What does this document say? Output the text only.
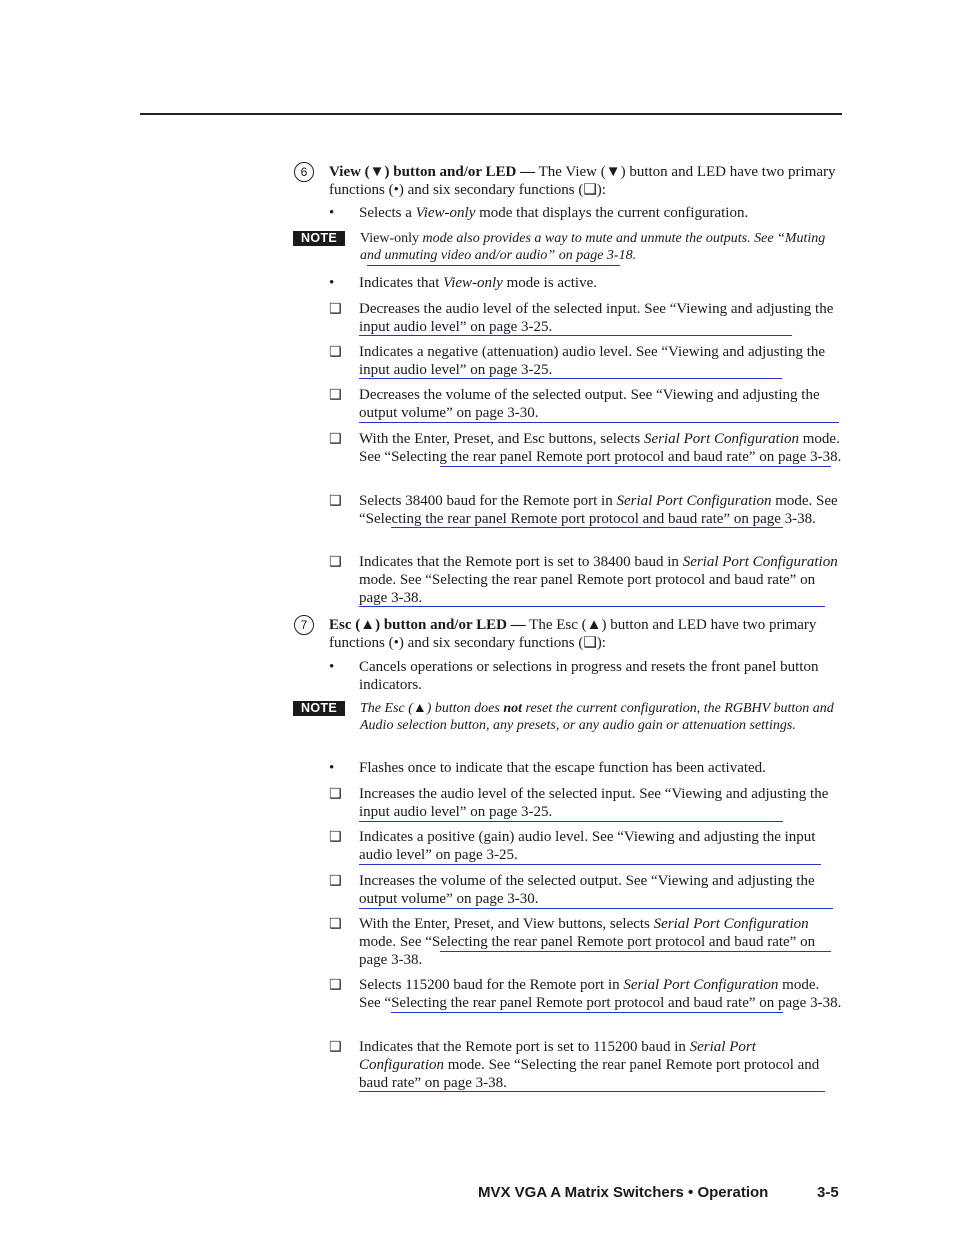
6	View (▼) button and/or LED — The View (▼) button and LED have two primary functions (•) and six secondary functions (❑):
• Selects a View-only mode that displays the current configuration.
NOTE	View-only mode also provides a way to mute and unmute the outputs. See “Muting and unmuting video and/or audio” on page 3-18.
• Indicates that View-only mode is active.
❑ Decreases the audio level of the selected input. See “Viewing and adjusting the input audio level” on page 3-25.
❑ Indicates a negative (attenuation) audio level. See “Viewing and adjusting the input audio level” on page 3-25.
❑ Decreases the volume of the selected output. See “Viewing and adjusting the output volume” on page 3-30.
❑ With the Enter, Preset, and Esc buttons, selects Serial Port Configuration mode. See “Selecting the rear panel Remote port protocol and baud rate” on page 3-38.
❑ Selects 38400 baud for the Remote port in Serial Port Configuration mode. See “Selecting the rear panel Remote port protocol and baud rate” on page 3-38.
❑ Indicates that the Remote port is set to 38400 baud in Serial Port Configuration mode. See “Selecting the rear panel Remote port protocol and baud rate” on page 3-38.
7	Esc (▲) button and/or LED — The Esc (▲) button and LED have two primary functions (•) and six secondary functions (❑):
• Cancels operations or selections in progress and resets the front panel button indicators.
NOTE	The Esc (▲) button does not reset the current configuration, the RGBHV button and Audio selection button, any presets, or any audio gain or attenuation settings.
• Flashes once to indicate that the escape function has been activated.
❑ Increases the audio level of the selected input. See “Viewing and adjusting the input audio level” on page 3-25.
❑ Indicates a positive (gain) audio level. See “Viewing and adjusting the input audio level” on page 3-25.
❑ Increases the volume of the selected output. See “Viewing and adjusting the output volume” on page 3-30.
❑ With the Enter, Preset, and View buttons, selects Serial Port Configuration mode. See “Selecting the rear panel Remote port protocol and baud rate” on page 3-38.
❑ Selects 115200 baud for the Remote port in Serial Port Configuration mode. See “Selecting the rear panel Remote port protocol and baud rate” on page 3-38.
❑ Indicates that the Remote port is set to 115200 baud in Serial Port Configuration mode. See “Selecting the rear panel Remote port protocol and baud rate” on page 3-38.
MVX VGA A Matrix Switchers • Operation	3-5
